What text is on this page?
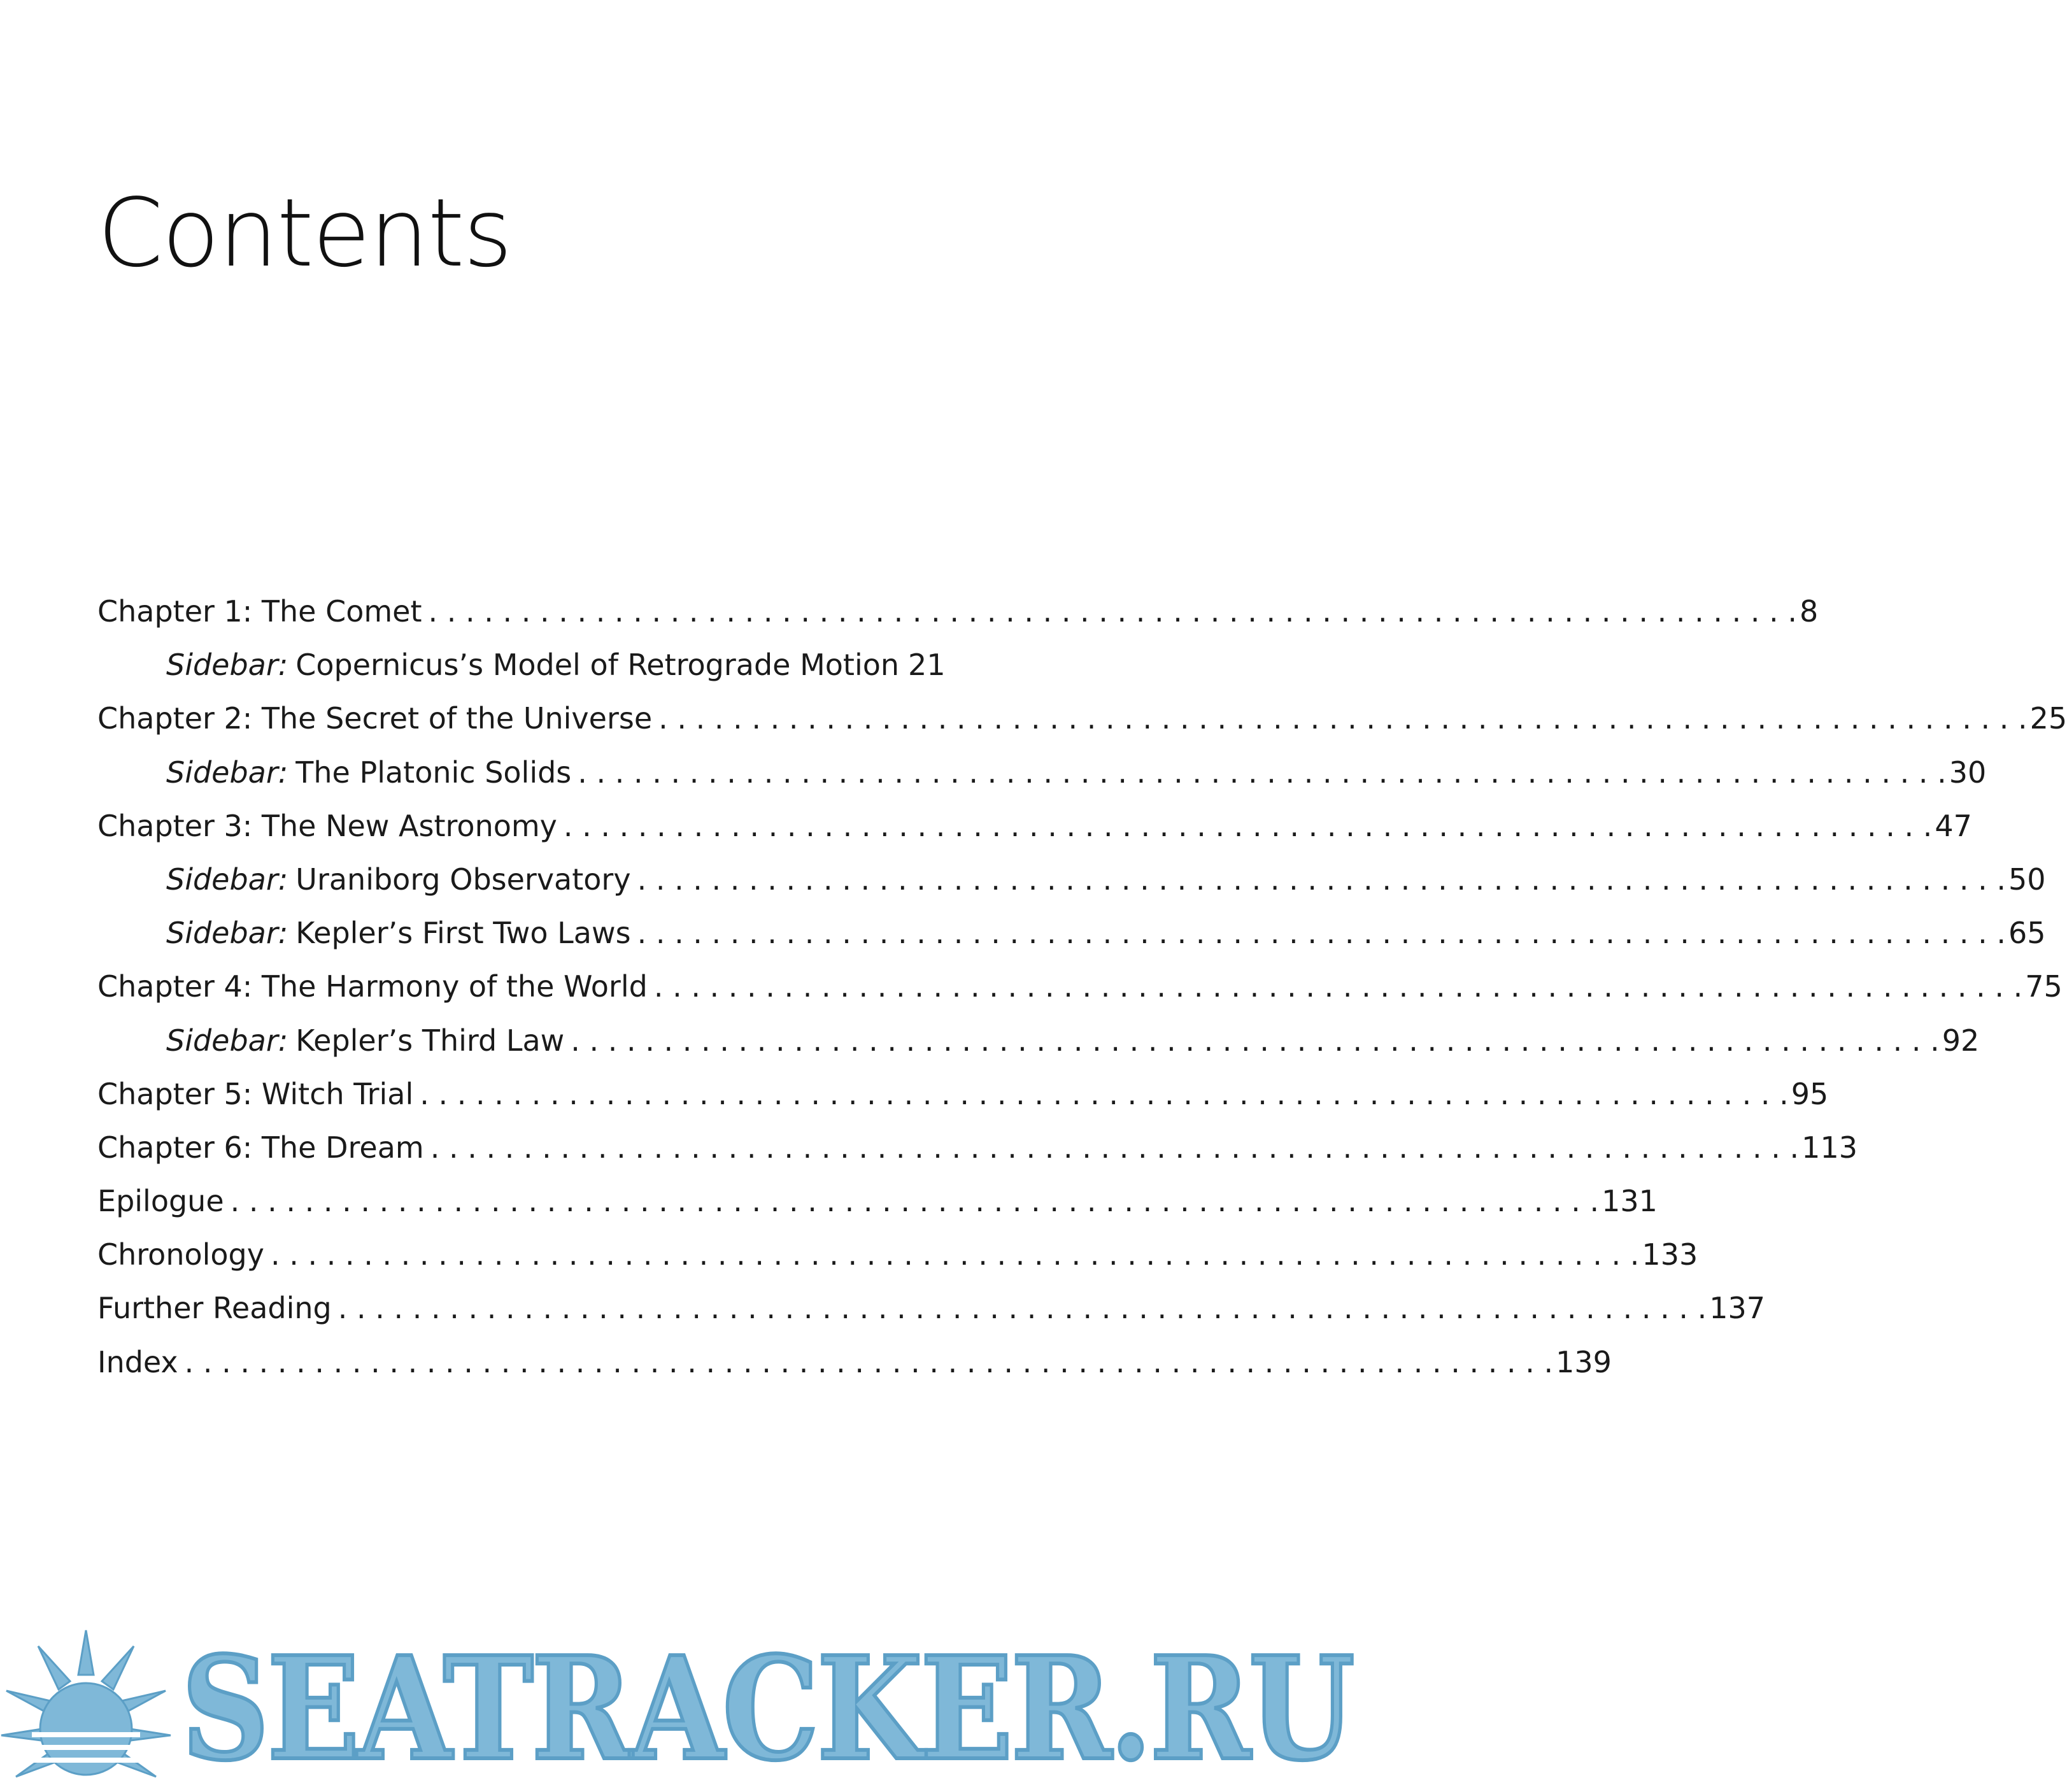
Contents
Chapter 1: The Comet . . .	8
Sidebar: Copernicus’s Model of Retrograde Motion 21
Chapter 2: The Secret of the Universe . . .	25
Sidebar: The Platonic Solids . . .	30
Chapter 3: The New Astronomy . . .	47
Sidebar: Uraniborg Observatory . . .	50
Sidebar: Kepler’s First Two Laws . . .	65
Chapter 4: The Harmony of the World . . .	75
Sidebar: Kepler’s Third Law . . .	92
Chapter 5: Witch Trial . . .	95
Chapter 6: The Dream . . .	113
Epilogue . . .	131
Chronology . . .	133
Further Reading . . .	137
Index . . .	139
SEATRACKER.RU
